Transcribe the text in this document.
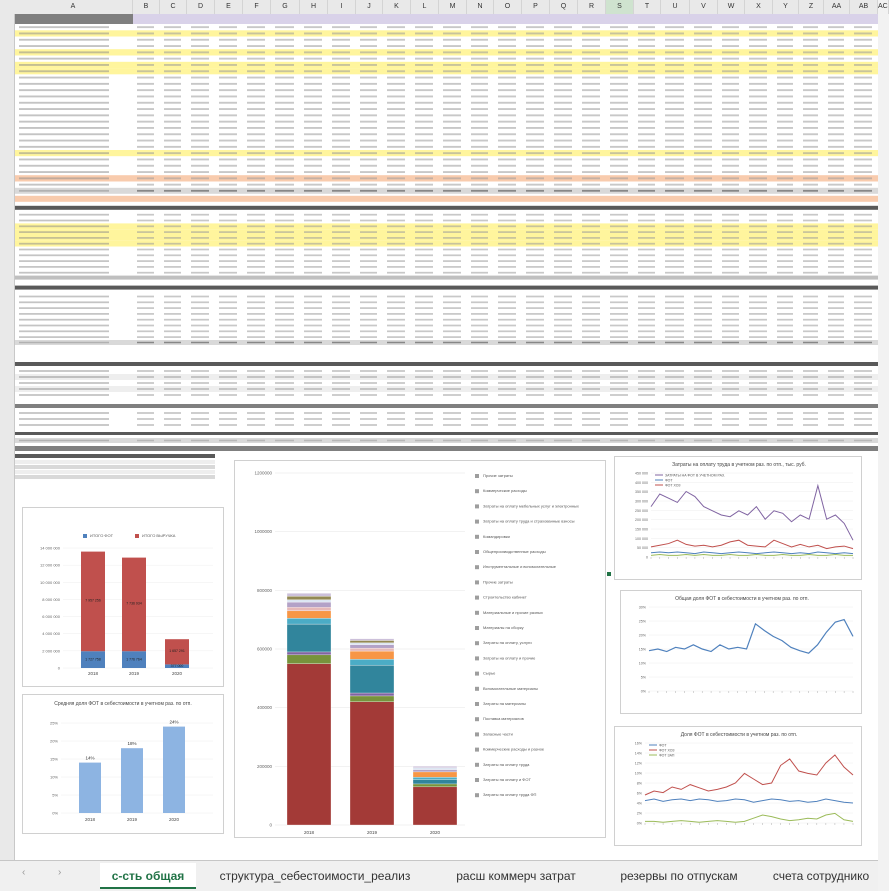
A	B	C	D	E	F	G	H	I	J	K	L	M	N	O	P	Q	R	S	T	U	V	W	X	Y	Z	AA	AB	AC
ИТОГО ФОТ	ИТОГО ВЫРУЧКА
14 000 000
12 000 000
10 000 000
8 000 000
6 000 000
4 000 000
2 000 000
0
7 957 256
1 727 758
2018
7 736 934
1 776 764
2019
1 657 291
377 000
2020
Средняя доля ФОТ в себестоимости в учетном раз. по отп.
25%
20%
15%
10%
5%
0%
14%
2018
18%
2019
24%
2020
1200000
1000000
800000
600000
400000
200000
0
2018	2019	2020
Прочие затраты
Коммерческие расходы
Затраты на оплату мебельных услуг и электронных
Затраты на оплату труда и страхованные взносы
Командировки
Общепроизводственные расходы
Инструментальные и вспомогательные
Прочие затраты
Строительство кабинет
Материальные и прочие разных
Материалы на сборку
Затраты на оплату, услуги
Затраты на оплату и прочие
Сырье
Вспомогательные материалы
Затраты на материалы
Поставка материалов
Запасные части
Коммерческие расходы и разное
Затраты на оплату труда
Затраты на оплату и ФОТ
Затраты на оплату труда ФП
Затраты на оплату труда в учетном раз. по отп., тыс. руб.
450 000
400 000
350 000
300 000
250 000
200 000
150 000
100 000
50 000
0
ЗАТРАТЫ НА ФОТ В УЧЕТНОМ РАЗ.
ФОТ
ФОТ ХОЗ
Общая доля ФОТ в себестоимости в учетном раз. по отп.
30%
25%
20%
15%
10%
5%
0%
Доля ФОТ в себестоимости в учетном раз. по отп.
16%
14%
12%
10%
8%
6%
4%
2%
0%
ФОТ
ФОТ ХОЗ
ФОТ ЗАП
‹	›	с-сть общая	структура_себестоимости_реализ	расш коммерч затрат	резервы по отпускам	счета сотруднико
